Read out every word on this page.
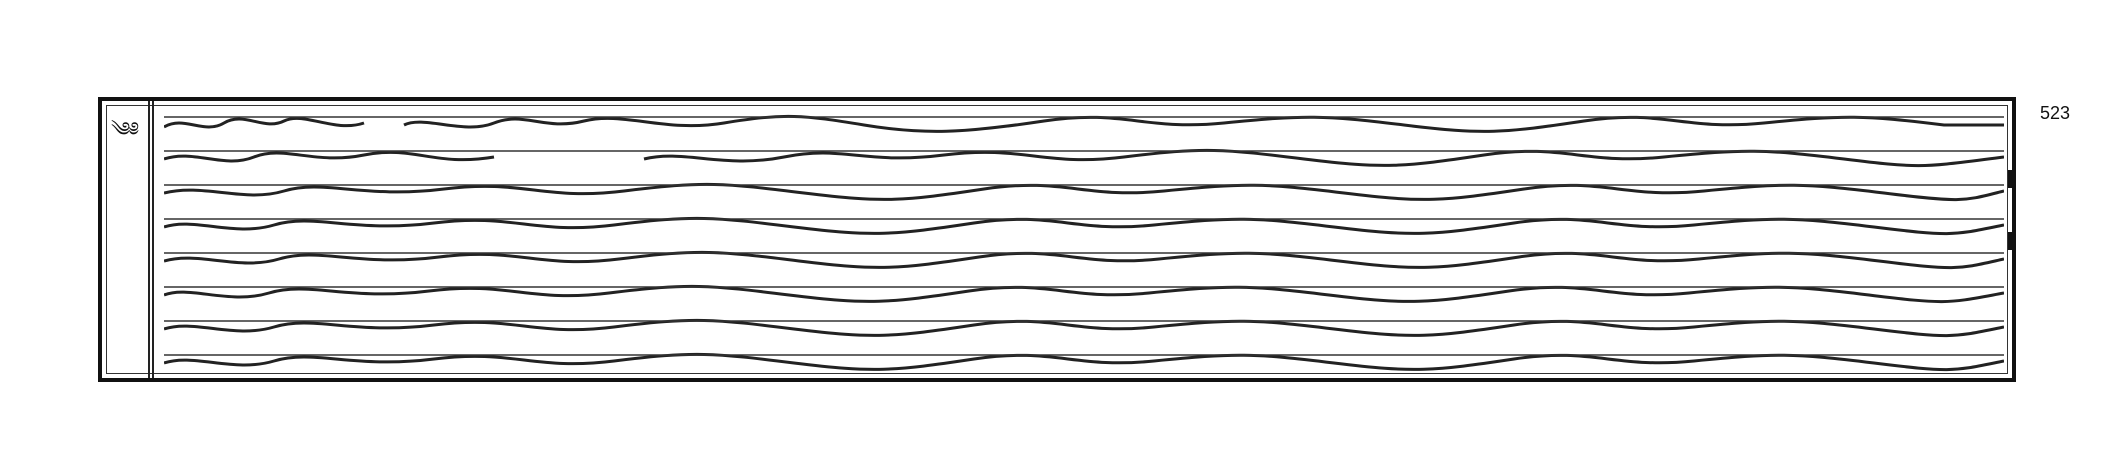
༄༅
523
